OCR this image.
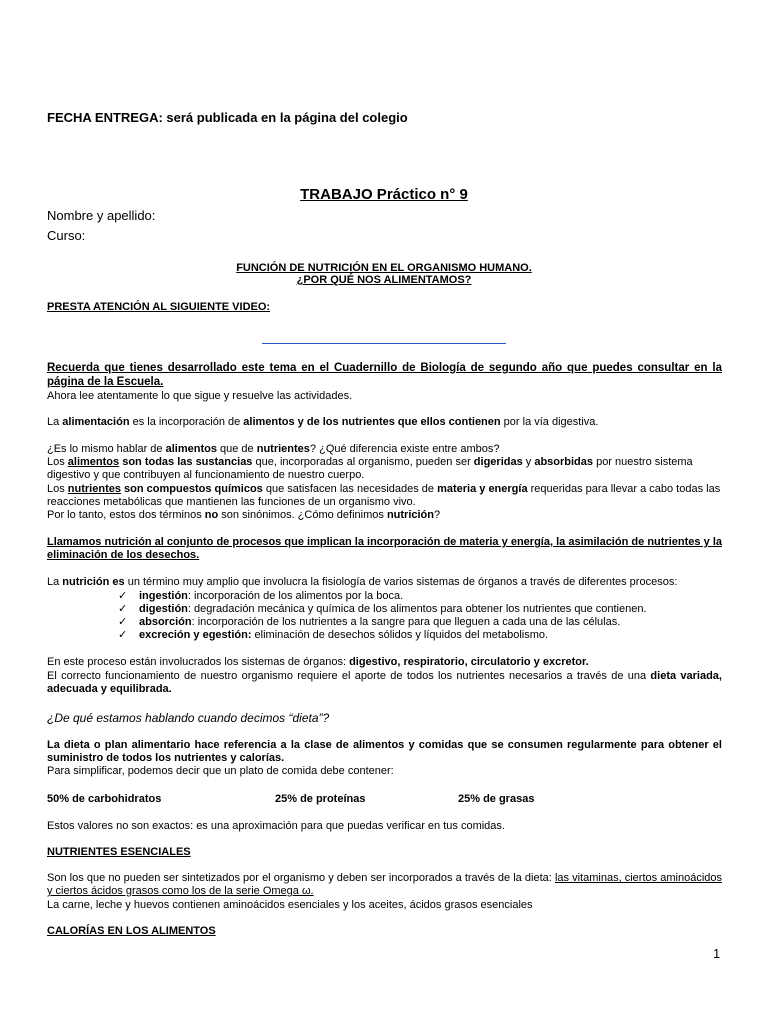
FECHA ENTREGA: será publicada en la página del colegio

TRABAJO Práctico n° 9

Nombre y apellido:

Curso:

FUNCIÓN DE NUTRICIÓN EN EL ORGANISMO HUMANO.

¿POR QUÉ NOS ALIMENTAMOS?

PRESTA ATENCIÓN AL SIGUIENTE VIDEO:

Recuerda que tienes desarrollado este tema en el Cuadernillo de Biología de segundo año que puedes consultar en la página de la Escuela.

Ahora lee atentamente lo que sigue y resuelve las actividades.

La alimentación es la incorporación de alimentos y de los nutrientes que ellos contienen por la vía digestiva.

¿Es lo mismo hablar de alimentos que de nutrientes? ¿Qué diferencia existe entre ambos?

Los alimentos son todas las sustancias que, incorporadas al organismo, pueden ser digeridas y absorbidas por nuestro sistema digestivo y que contribuyen al funcionamiento de nuestro cuerpo.

Los nutrientes son compuestos químicos que satisfacen las necesidades de materia y energía requeridas para llevar a cabo todas las reacciones metabólicas que mantienen las funciones de un organismo vivo.

Por lo tanto, estos dos términos no son sinónimos. ¿Cómo definimos nutrición?

Llamamos nutrición al conjunto de procesos que implican la incorporación de materia y energía, la asimilación de nutrientes y la eliminación de los desechos.

La nutrición es un término muy amplio que involucra la fisiología de varios sistemas de órganos a través de diferentes procesos:

✓ ingestión: incorporación de los alimentos por la boca.

✓ digestión: degradación mecánica y química de los alimentos para obtener los nutrientes que contienen.

✓ absorción: incorporación de los nutrientes a la sangre para que lleguen a cada una de las células.

✓ excreción y egestión: eliminación de desechos sólidos y líquidos del metabolismo.

En este proceso están involucrados los sistemas de órganos: digestivo, respiratorio, circulatorio y excretor.

El correcto funcionamiento de nuestro organismo requiere el aporte de todos los nutrientes necesarios a través de una dieta variada, adecuada y equilibrada.

¿De qué estamos hablando cuando decimos “dieta”?

La dieta o plan alimentario hace referencia a la clase de alimentos y comidas que se consumen regularmente para obtener el suministro de todos los nutrientes y calorías.

Para simplificar, podemos decir que un plato de comida debe contener:

50% de carbohidratos	25% de proteínas	25% de grasas

Estos valores no son exactos: es una aproximación para que puedas verificar en tus comidas.

NUTRIENTES ESENCIALES

Son los que no pueden ser sintetizados por el organismo y deben ser incorporados a través de la dieta: las vitaminas, ciertos aminoácidos y ciertos ácidos grasos como los de la serie Omega ω.

La carne, leche y huevos contienen aminoácidos esenciales y los aceites, ácidos grasos esenciales

CALORÍAS EN LOS ALIMENTOS

1
